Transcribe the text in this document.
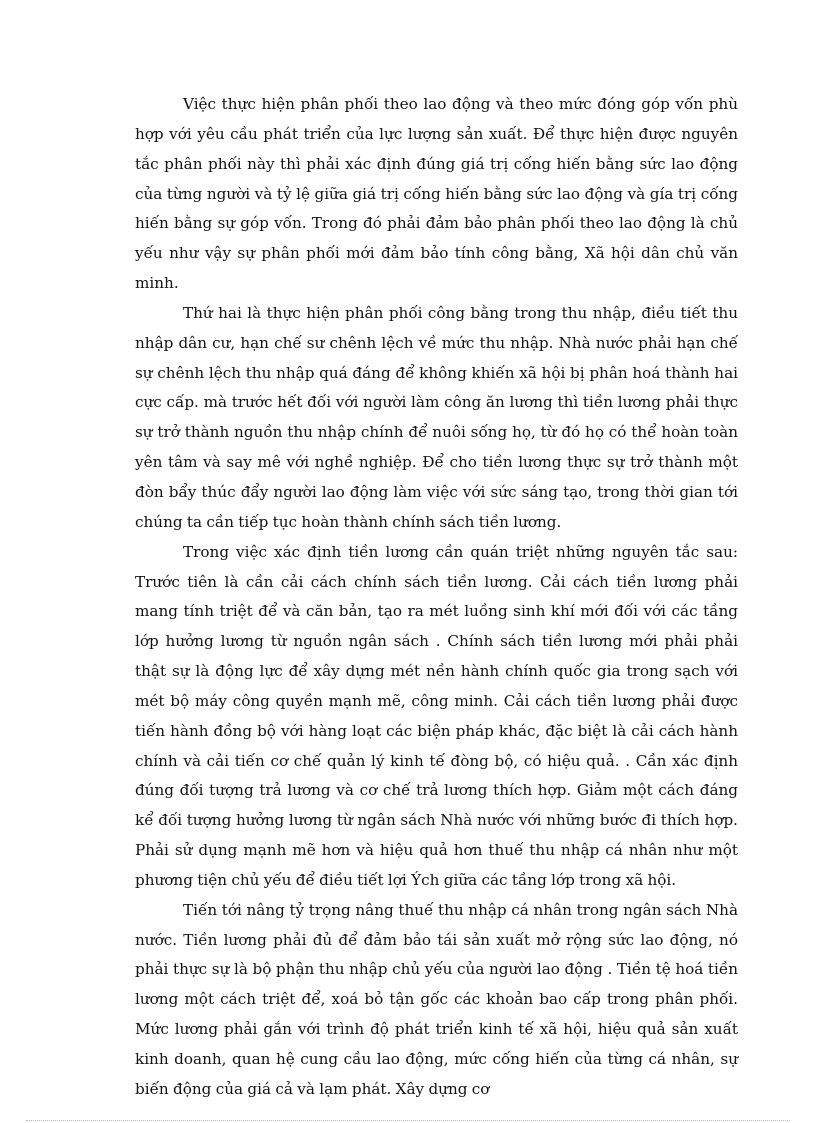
Việc thực hiện phân phối theo lao động và theo mức đóng góp vốn phù hợp với yêu cầu phát triển của lực lượng sản xuất. Để thực hiện được nguyên tắc phân phối này thì phải xác định đúng giá trị cống hiến bằng sức lao động của từng người và tỷ lệ giữa giá trị cống hiến bằng sức lao động và gía trị cống hiến bằng sự góp vốn. Trong đó phải đảm bảo phân phối theo lao động là chủ yếu như vậy sự phân phối mới đảm bảo tính công bằng, Xã hội dân chủ văn minh.

Thứ hai là thực hiện phân phối công bằng trong thu nhập, điều tiết thu nhập dân cư, hạn chế sư chênh lệch về mức thu nhập. Nhà nước phải hạn chế sự chênh lệch thu nhập quá đáng để không khiến xã hội bị phân hoá thành hai cực cấp. mà trước hết đối với người làm công ăn lương thì tiền lương phải thực sự trở thành nguồn thu nhập chính để nuôi sống họ, từ đó họ có thể hoàn toàn yên tâm và say mê với nghề nghiệp. Để cho tiền lương thực sự trở thành một đòn bẩy thúc đẩy người lao động làm việc với sức sáng tạo, trong thời gian tới chúng ta cần tiếp tục hoàn thành chính sách tiền lương.

Trong việc xác định tiền lương cần quán triệt những nguyên tắc sau: Trước tiên là cần cải cách chính sách tiền lương. Cải cách tiền lương phải mang tính triệt để và căn bản, tạo ra mét luồng sinh khí mới đối với các tầng lớp hưởng lương từ nguồn ngân sách . Chính sách tiền lương mới phải phải thật sự là động lực để xây dựng mét nền hành chính quốc gia trong sạch với mét bộ máy công quyền mạnh mẽ, công minh. Cải cách tiền lương phải được tiến hành đồng bộ với hàng loạt các biện pháp khác, đặc biệt là cải cách hành chính và cải tiến cơ chế quản lý kinh tế đòng bộ, có hiệu quả. . Cần xác định đúng đối tượng trả lương và cơ chế trả lương thích hợp. Giảm một cách đáng kể đối tượng hưởng lương từ ngân sách Nhà nước với những bước đi thích hợp. Phải sử dụng mạnh mẽ hơn và hiệu quả hơn thuế thu nhập cá nhân như một phương tiện chủ yếu để điều tiết lợi Ých giữa các tầng lớp trong xã hội.

Tiến tới nâng tỷ trọng nâng thuế thu nhập cá nhân trong ngân sách Nhà nước. Tiền lương phải đủ để đảm bảo tái sản xuất mở rộng sức lao động, nó phải thực sự là bộ phận thu nhập chủ yếu của người lao động . Tiền tệ hoá tiền lương một cách triệt để, xoá bỏ tận gốc các khoản bao cấp trong phân phối. Mức lương phải gắn với trình độ phát triển kinh tế xã hội, hiệu quả sản xuất kinh doanh, quan hệ cung cầu lao động, mức cống hiến của từng cá nhân, sự biến động của giá cả và lạm phát. Xây dựng cơ
